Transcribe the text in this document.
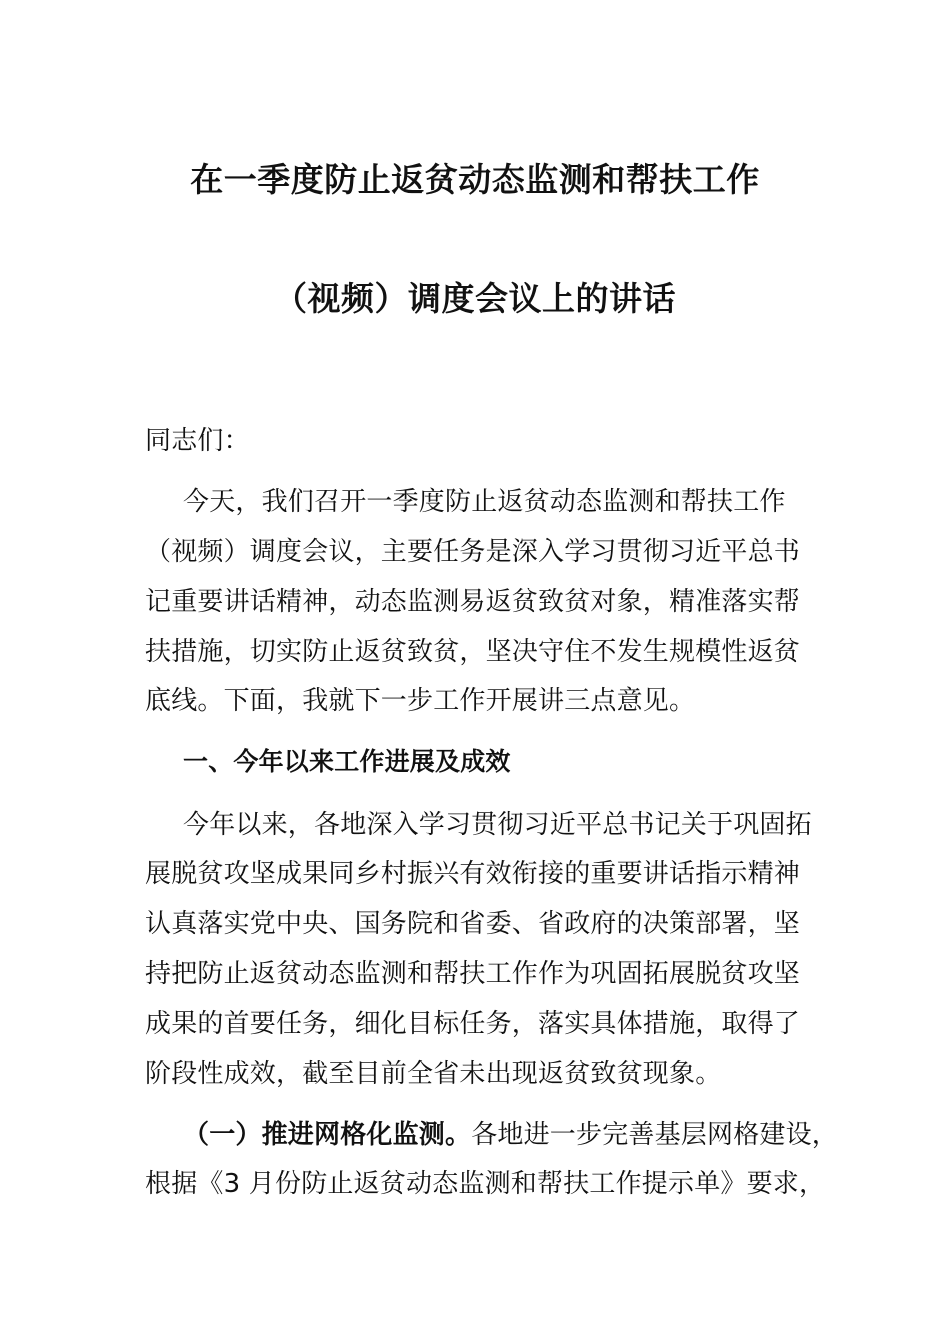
在一季度防止返贫动态监测和帮扶工作
（视频）调度会议上的讲话
同志们：
今天，我们召开一季度防止返贫动态监测和帮扶工作
（视频）调度会议，主要任务是深入学习贯彻习近平总书
记重要讲话精神，动态监测易返贫致贫对象，精准落实帮
扶措施，切实防止返贫致贫，坚决守住不发生规模性返贫
底线。下面，我就下一步工作开展讲三点意见。
一、今年以来工作进展及成效
今年以来，各地深入学习贯彻习近平总书记关于巩固拓
展脱贫攻坚成果同乡村振兴有效衔接的重要讲话指示精神
认真落实党中央、国务院和省委、省政府的决策部署，坚
持把防止返贫动态监测和帮扶工作作为巩固拓展脱贫攻坚
成果的首要任务，细化目标任务，落实具体措施，取得了
阶段性成效，截至目前全省未出现返贫致贫现象。
（一）推进网格化监测。各地进一步完善基层网格建设，
根据《3 月份防止返贫动态监测和帮扶工作提示单》要求，
